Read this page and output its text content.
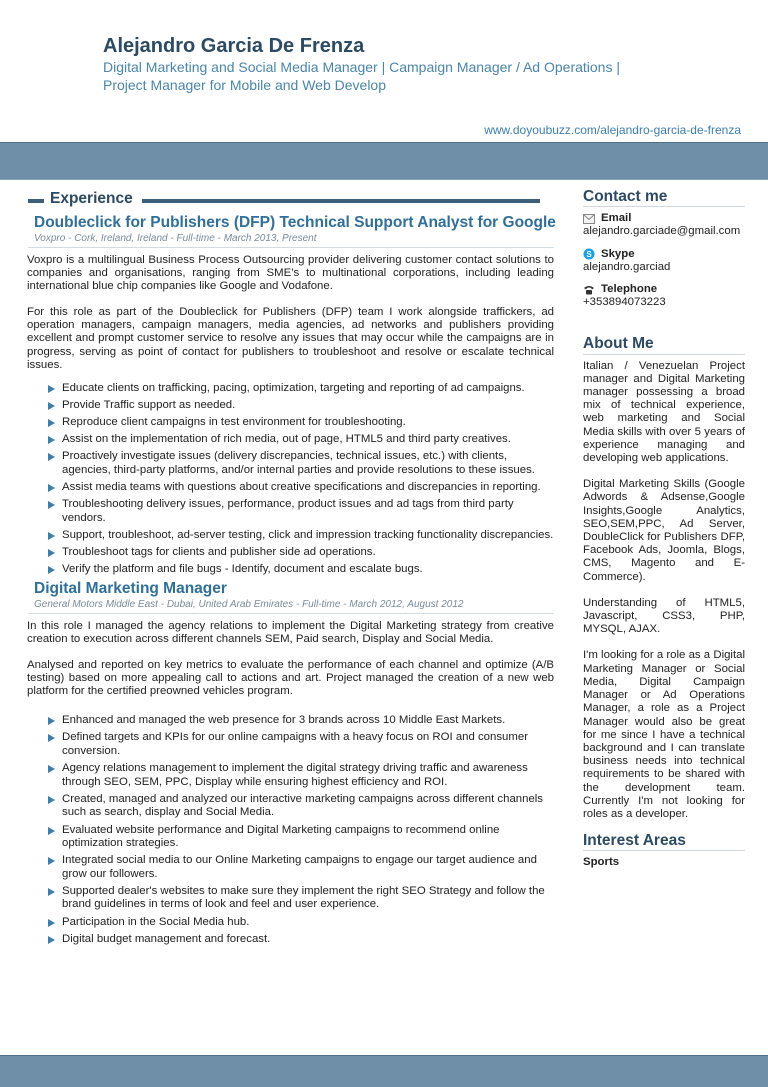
Alejandro Garcia De Frenza
Digital Marketing and Social Media Manager | Campaign Manager / Ad Operations |
Project Manager for Mobile and Web Develop
www.doyoubuzz.com/alejandro-garcia-de-frenza
Experience
Doubleclick for Publishers (DFP) Technical Support Analyst for Google
Voxpro - Cork, Ireland, Ireland - Full-time - March 2013, Present

Voxpro is a multilingual Business Process Outsourcing provider delivering customer contact solutions to companies and organisations, ranging from SME’s to multinational corporations, including leading international blue chip companies like Google and Vodafone.

For this role as part of the Doubleclick for Publishers (DFP) team I work alongside traffickers, ad operation managers, campaign managers, media agencies, ad networks and publishers providing excellent and prompt customer service to resolve any issues that may occur while the campaigns are in progress, serving as point of contact for publishers to troubleshoot and resolve or escalate technical issues.

Educate clients on trafficking, pacing, optimization, targeting and reporting of ad campaigns.
Provide Traffic support as needed.
Reproduce client campaigns in test environment for troubleshooting.
Assist on the implementation of rich media, out of page, HTML5 and third party creatives.
Proactively investigate issues (delivery discrepancies, technical issues, etc.) with clients, agencies, third-party platforms, and/or internal parties and provide resolutions to these issues.
Assist media teams with questions about creative specifications and discrepancies in reporting.
Troubleshooting delivery issues, performance, product issues and ad tags from third party vendors.
Support, troubleshoot, ad-server testing, click and impression tracking functionality discrepancies.
Troubleshoot tags for clients and publisher side ad operations.
Verify the platform and file bugs - Identify, document and escalate bugs.
Digital Marketing Manager
General Motors Middle East - Dubai, United Arab Emirates - Full-time - March 2012, August 2012

In this role I managed the agency relations to implement the Digital Marketing strategy from creative creation to execution across different channels SEM, Paid search, Display and Social Media.

Analysed and reported on key metrics to evaluate the performance of each channel and optimize (A/B testing) based on more appealing call to actions and art. Project managed the creation of a new web platform for the certified preowned vehicles program.

Enhanced and managed the web presence for 3 brands across 10 Middle East Markets.
Defined targets and KPIs for our online campaigns with a heavy focus on ROI and consumer conversion.
Agency relations management to implement the digital strategy driving traffic and awareness through SEO, SEM, PPC, Display while ensuring highest efficiency and ROI.
Created, managed and analyzed our interactive marketing campaigns across different channels such as search, display and Social Media.
Evaluated website performance and Digital Marketing campaigns to recommend online optimization strategies.
Integrated social media to our Online Marketing campaigns to engage our target audience and grow our followers.
Supported dealer's websites to make sure they implement the right SEO Strategy and follow the brand guidelines in terms of look and feel and user experience.
Participation in the Social Media hub.
Digital budget management and forecast.
Contact me
Email
alejandro.garciade@gmail.com
S Skype
alejandro.garciad
Telephone
+353894073223
About Me

Italian / Venezuelan Project manager and Digital Marketing manager possessing a broad mix of technical experience, web marketing and Social Media skills with over 5 years of experience managing and developing web applications.

Digital Marketing Skills (Google Adwords & Adsense,Google Insights,Google Analytics, SEO,SEM,PPC, Ad Server, DoubleClick for Publishers DFP, Facebook Ads, Joomla, Blogs, CMS, Magento and E-Commerce).

Understanding of HTML5, Javascript, CSS3, PHP, MYSQL, AJAX.

I'm looking for a role as a Digital Marketing Manager or Social Media, Digital Campaign Manager or Ad Operations Manager, a role as a Project Manager would also be great for me since I have a technical background and I can translate business needs into technical requirements to be shared with the development team. Currently I'm not looking for roles as a developer.

Interest Areas
Sports
